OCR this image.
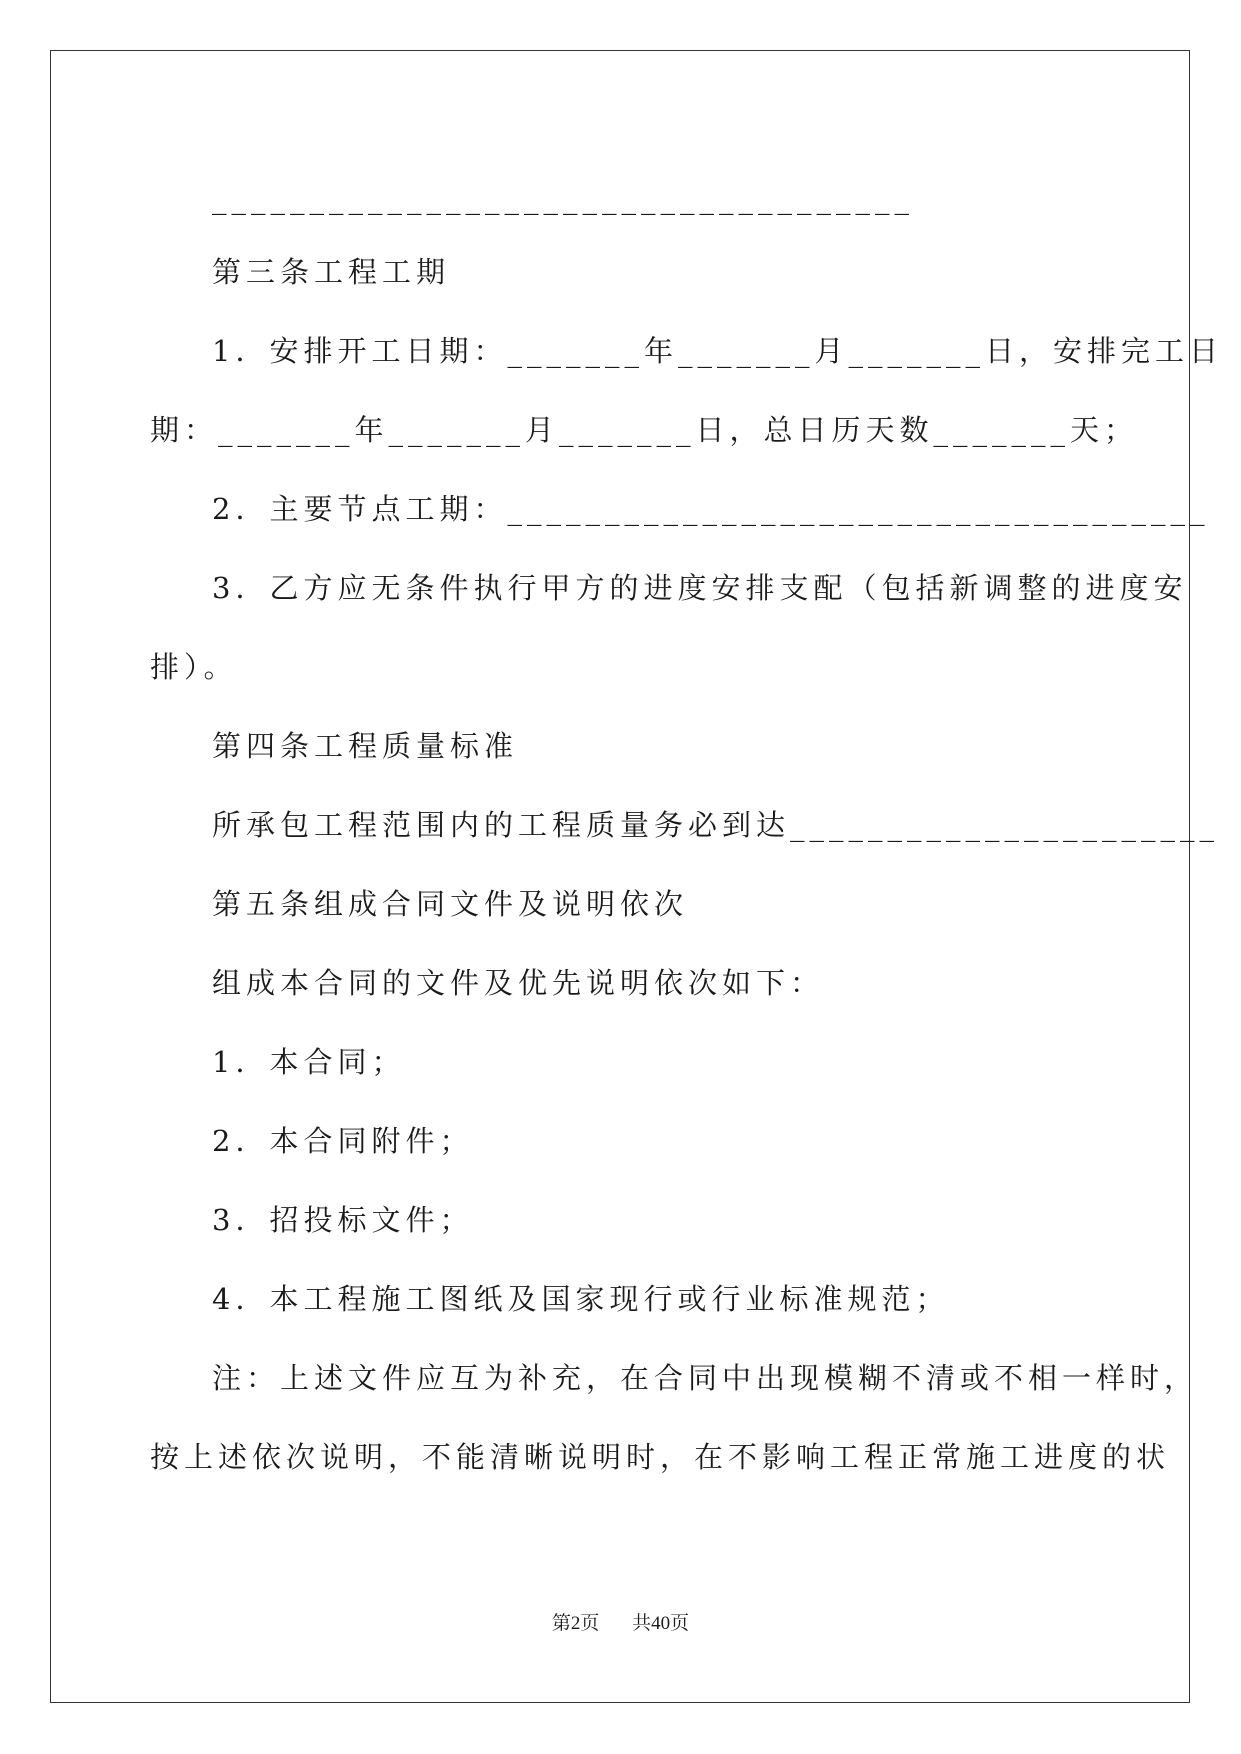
____________________________________
第三条工程工期
1．安排开工日期：_______年_______月_______日，安排完工日
期：_______年_______月_______日，总日历天数_______天；
2．主要节点工期：____________________________________
3．乙方应无条件执行甲方的进度安排支配（包括新调整的进度安
排）。
第四条工程质量标准
所承包工程范围内的工程质量务必到达______________________
第五条组成合同文件及说明依次
组成本合同的文件及优先说明依次如下：
1．本合同；
2．本合同附件；
3．招投标文件；
4．本工程施工图纸及国家现行或行业标准规范；
注：上述文件应互为补充，在合同中出现模糊不清或不相一样时，
按上述依次说明，不能清晰说明时，在不影响工程正常施工进度的状
第2页 共40页
